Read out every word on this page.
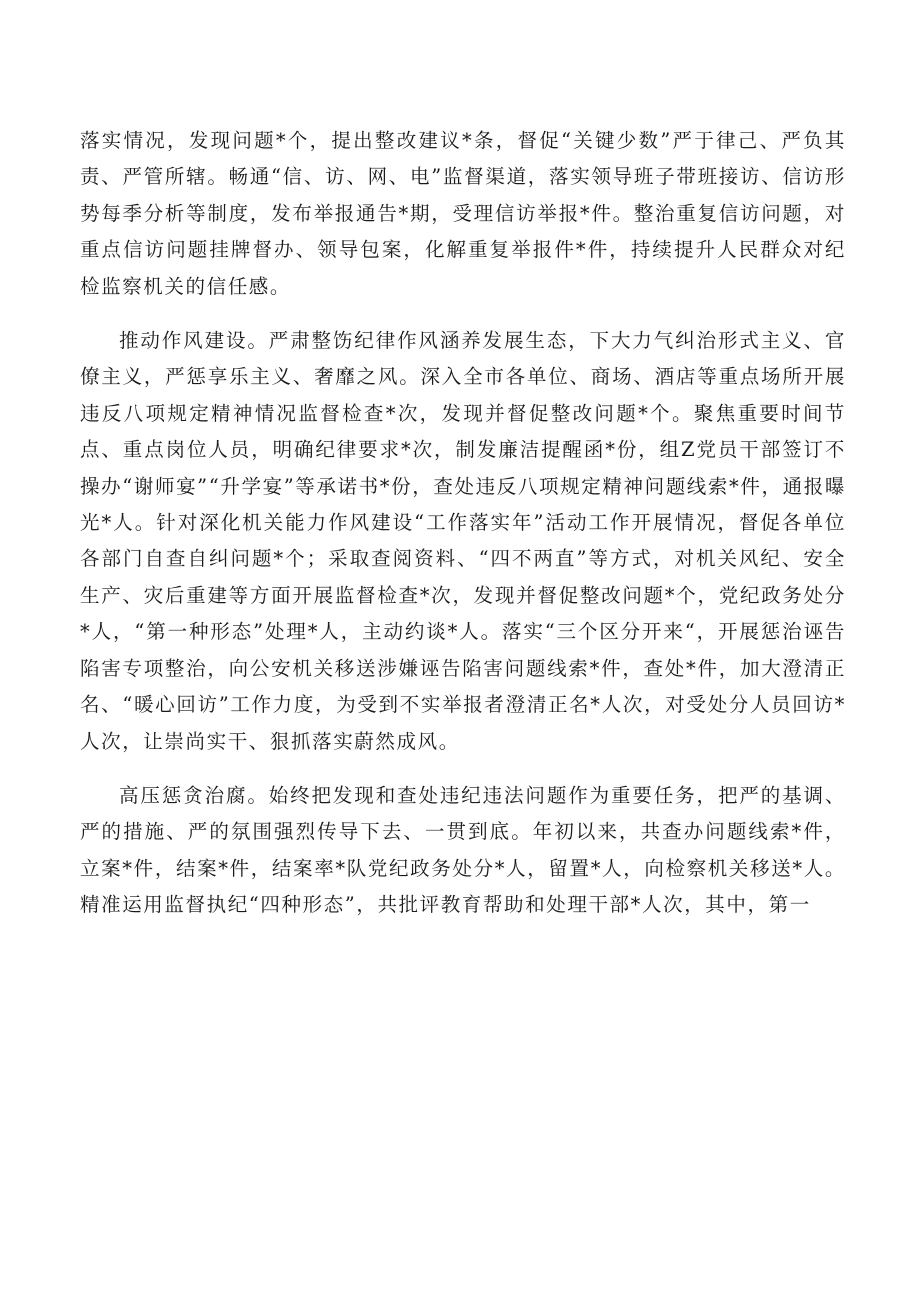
落实情况，发现问题*个，提出整改建议*条，督促“关键少数”严于律己、严负其责、严管所辖。畅通“信、访、网、电”监督渠道，落实领导班子带班接访、信访形势每季分析等制度，发布举报通告*期，受理信访举报*件。整治重复信访问题，对重点信访问题挂牌督办、领导包案，化解重复举报件*件，持续提升人民群众对纪检监察机关的信任感。

推动作风建设。严肃整饬纪律作风涵养发展生态，下大力气纠治形式主义、官僚主义，严惩享乐主义、奢靡之风。深入全市各单位、商场、酒店等重点场所开展违反八项规定精神情况监督检查*次，发现并督促整改问题*个。聚焦重要时间节点、重点岗位人员，明确纪律要求*次，制发廉洁提醒函*份，组Z党员干部签订不操办“谢师宴”“升学宴”等承诺书*份，查处违反八项规定精神问题线索*件，通报曝光*人。针对深化机关能力作风建设“工作落实年”活动工作开展情况，督促各单位各部门自查自纠问题*个；采取查阅资料、“四不两直”等方式，对机关风纪、安全生产、灾后重建等方面开展监督检查*次，发现并督促整改问题*个，党纪政务处分*人，“第一种形态”处理*人，主动约谈*人。落实“三个区分开来“，开展惩治诬告陷害专项整治，向公安机关移送涉嫌诬告陷害问题线索*件，查处*件，加大澄清正名、“暖心回访”工作力度，为受到不实举报者澄清正名*人次，对受处分人员回访*人次，让崇尚实干、狠抓落实蔚然成风。

高压惩贪治腐。始终把发现和查处违纪违法问题作为重要任务，把严的基调、严的措施、严的氛围强烈传导下去、一贯到底。年初以来，共查办问题线索*件，立案*件，结案*件，结案率*队党纪政务处分*人，留置*人，向检察机关移送*人。精准运用监督执纪“四种形态”，共批评教育帮助和处理干部*人次，其中，第一
